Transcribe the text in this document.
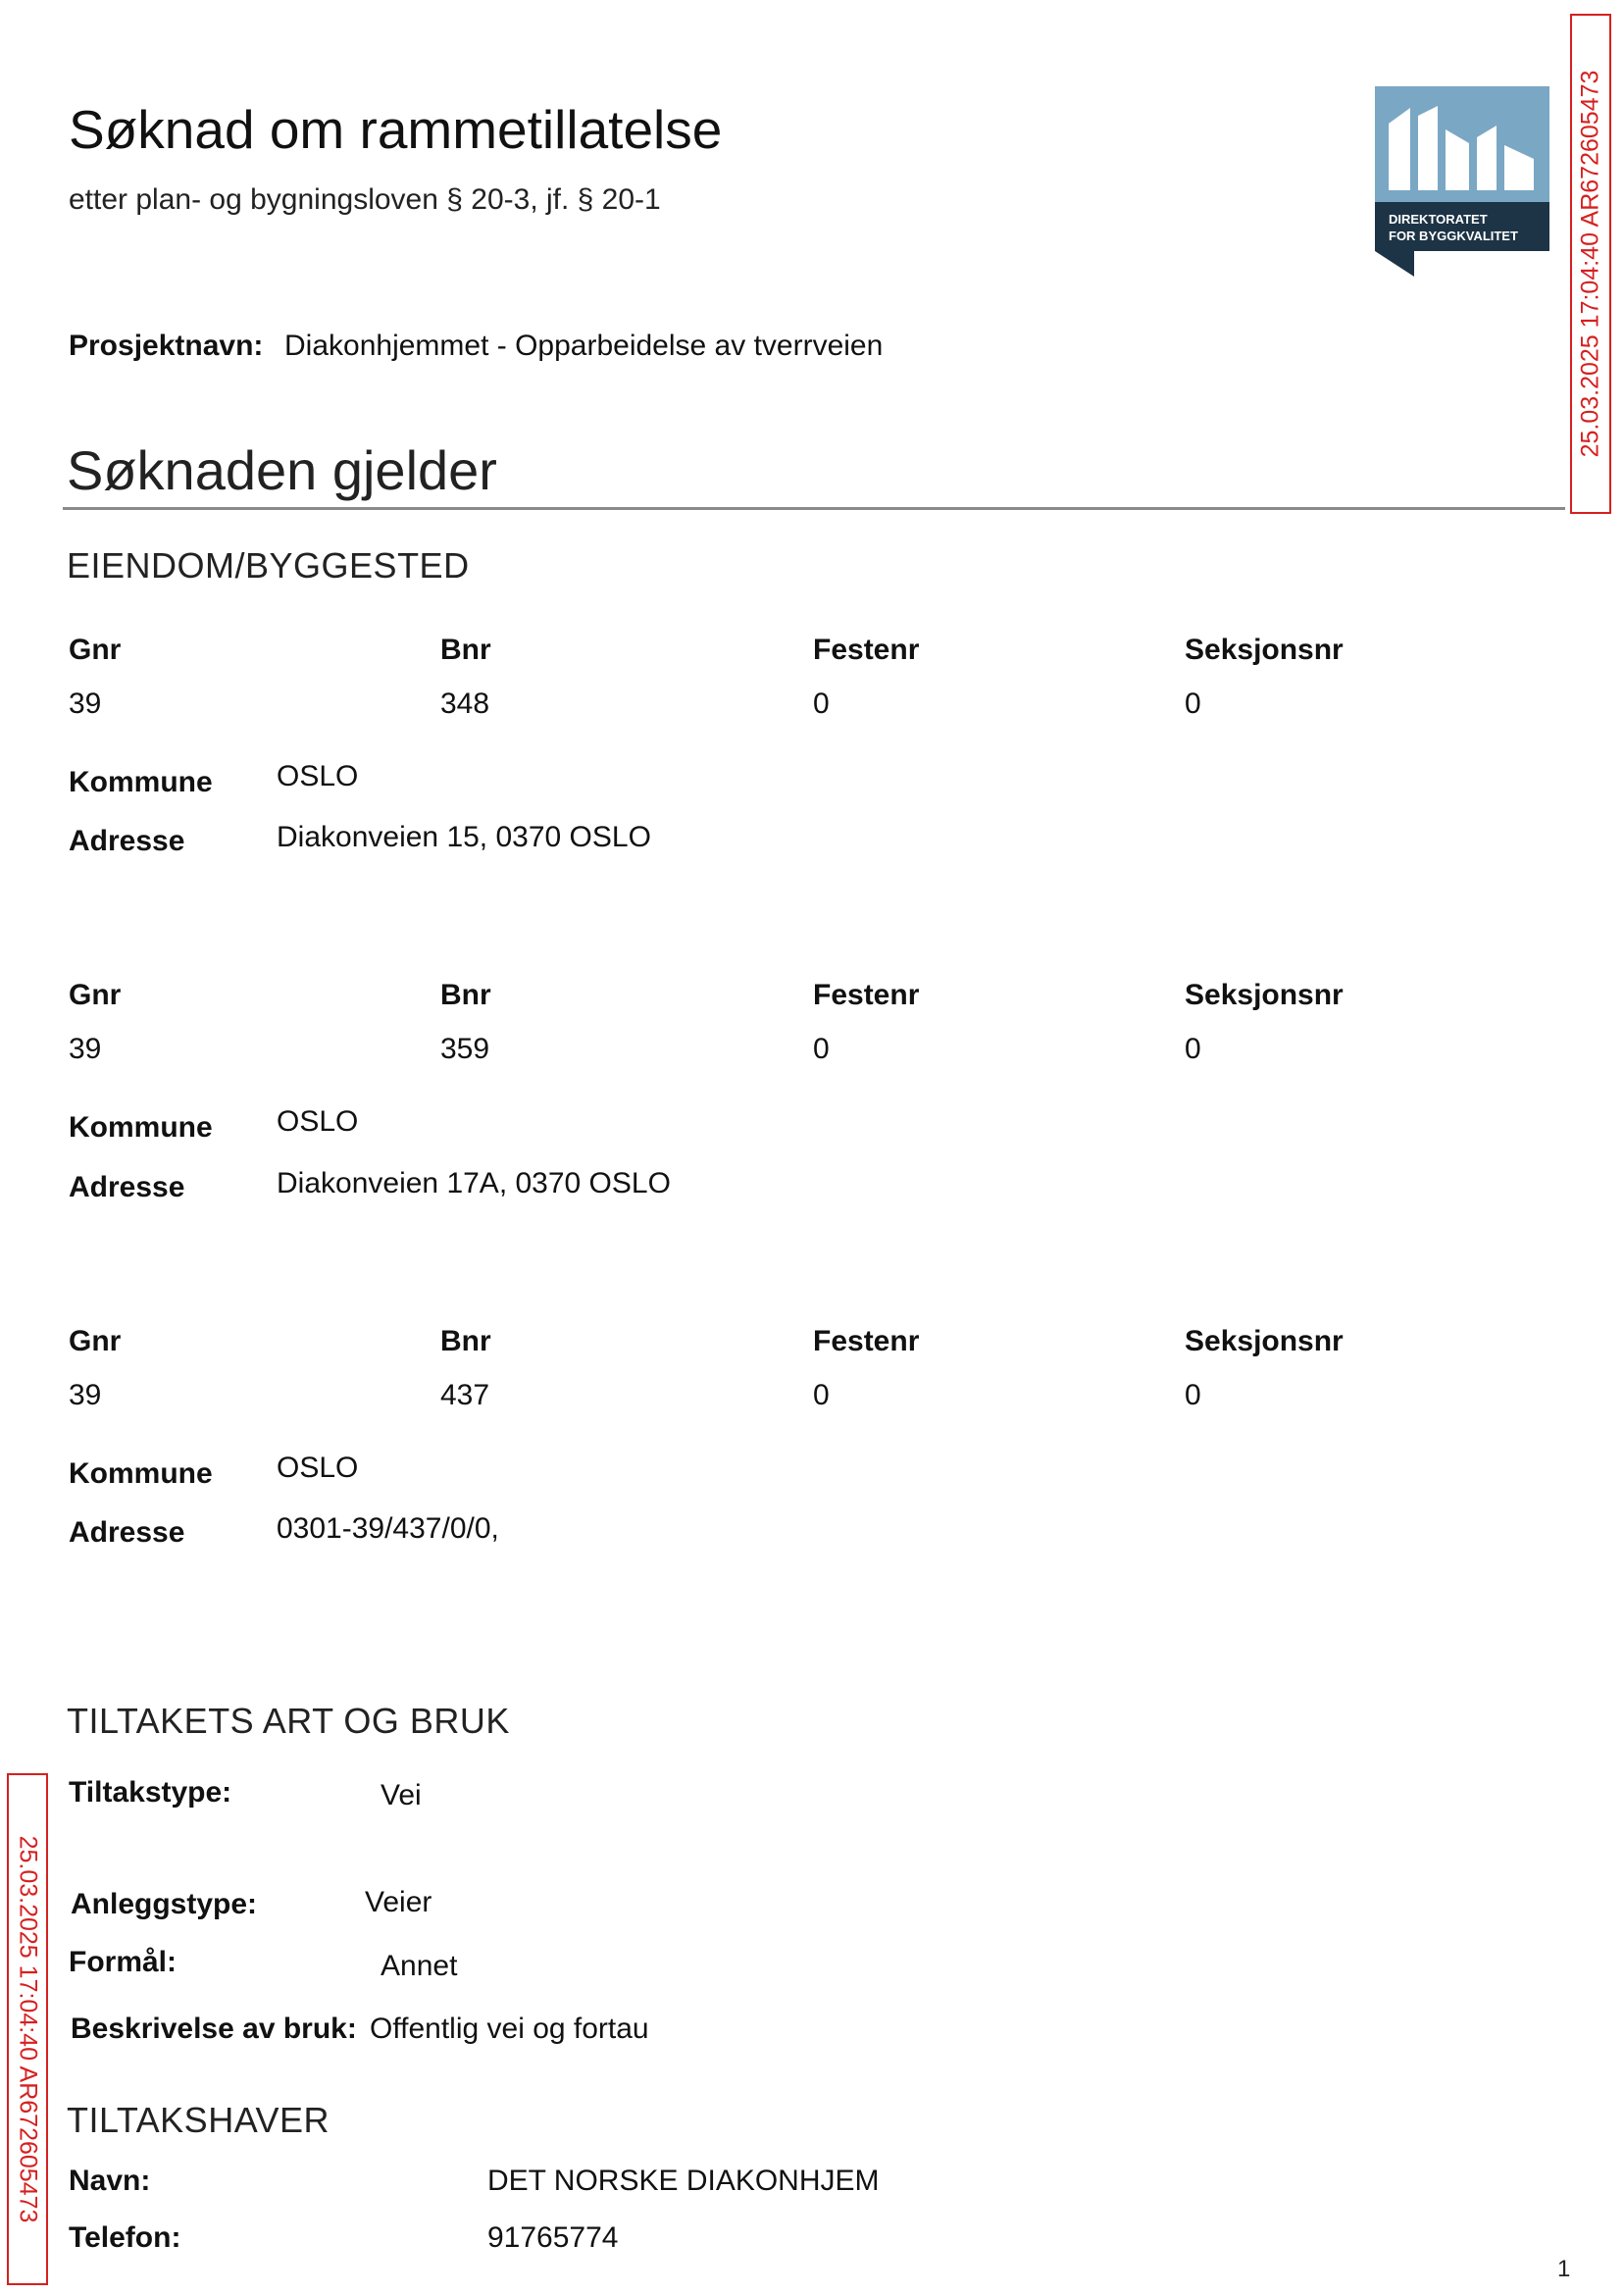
Søknad om rammetillatelse
etter plan- og bygningsloven § 20-3, jf. § 20-1
DIREKTORATET
FOR BYGGKVALITET 25.03.2025 17:04:40 AR672605473
Prosjektnavn: Diakonhjemmet - Opparbeidelse av tverrveien
Søknaden gjelder
EIENDOM/BYGGESTED
Gnr	Bnr	Festenr	Seksjonsnr
39	348	0	0
Kommune OSLO
Adresse	Diakonveien 15, 0370 OSLO
Gnr	Bnr	Festenr	Seksjonsnr
39	359	0	0
Kommune OSLO
Adresse	Diakonveien 17A, 0370 OSLO
Gnr	Bnr	Festenr	Seksjonsnr
39	437	0	0
Kommune OSLO
Adresse	0301-39/437/0/0,
TILTAKETS ART OG BRUK
Tiltakstype:	Vei
Anleggstype:	Veier
Formål:	Annet
Beskrivelse av bruk: Offentlig vei og fortau
TILTAKSHAVER
Navn:	DET NORSKE DIAKONHJEM
Telefon:	91765774
25.03.2025 17:04:40 AR672605473
1
